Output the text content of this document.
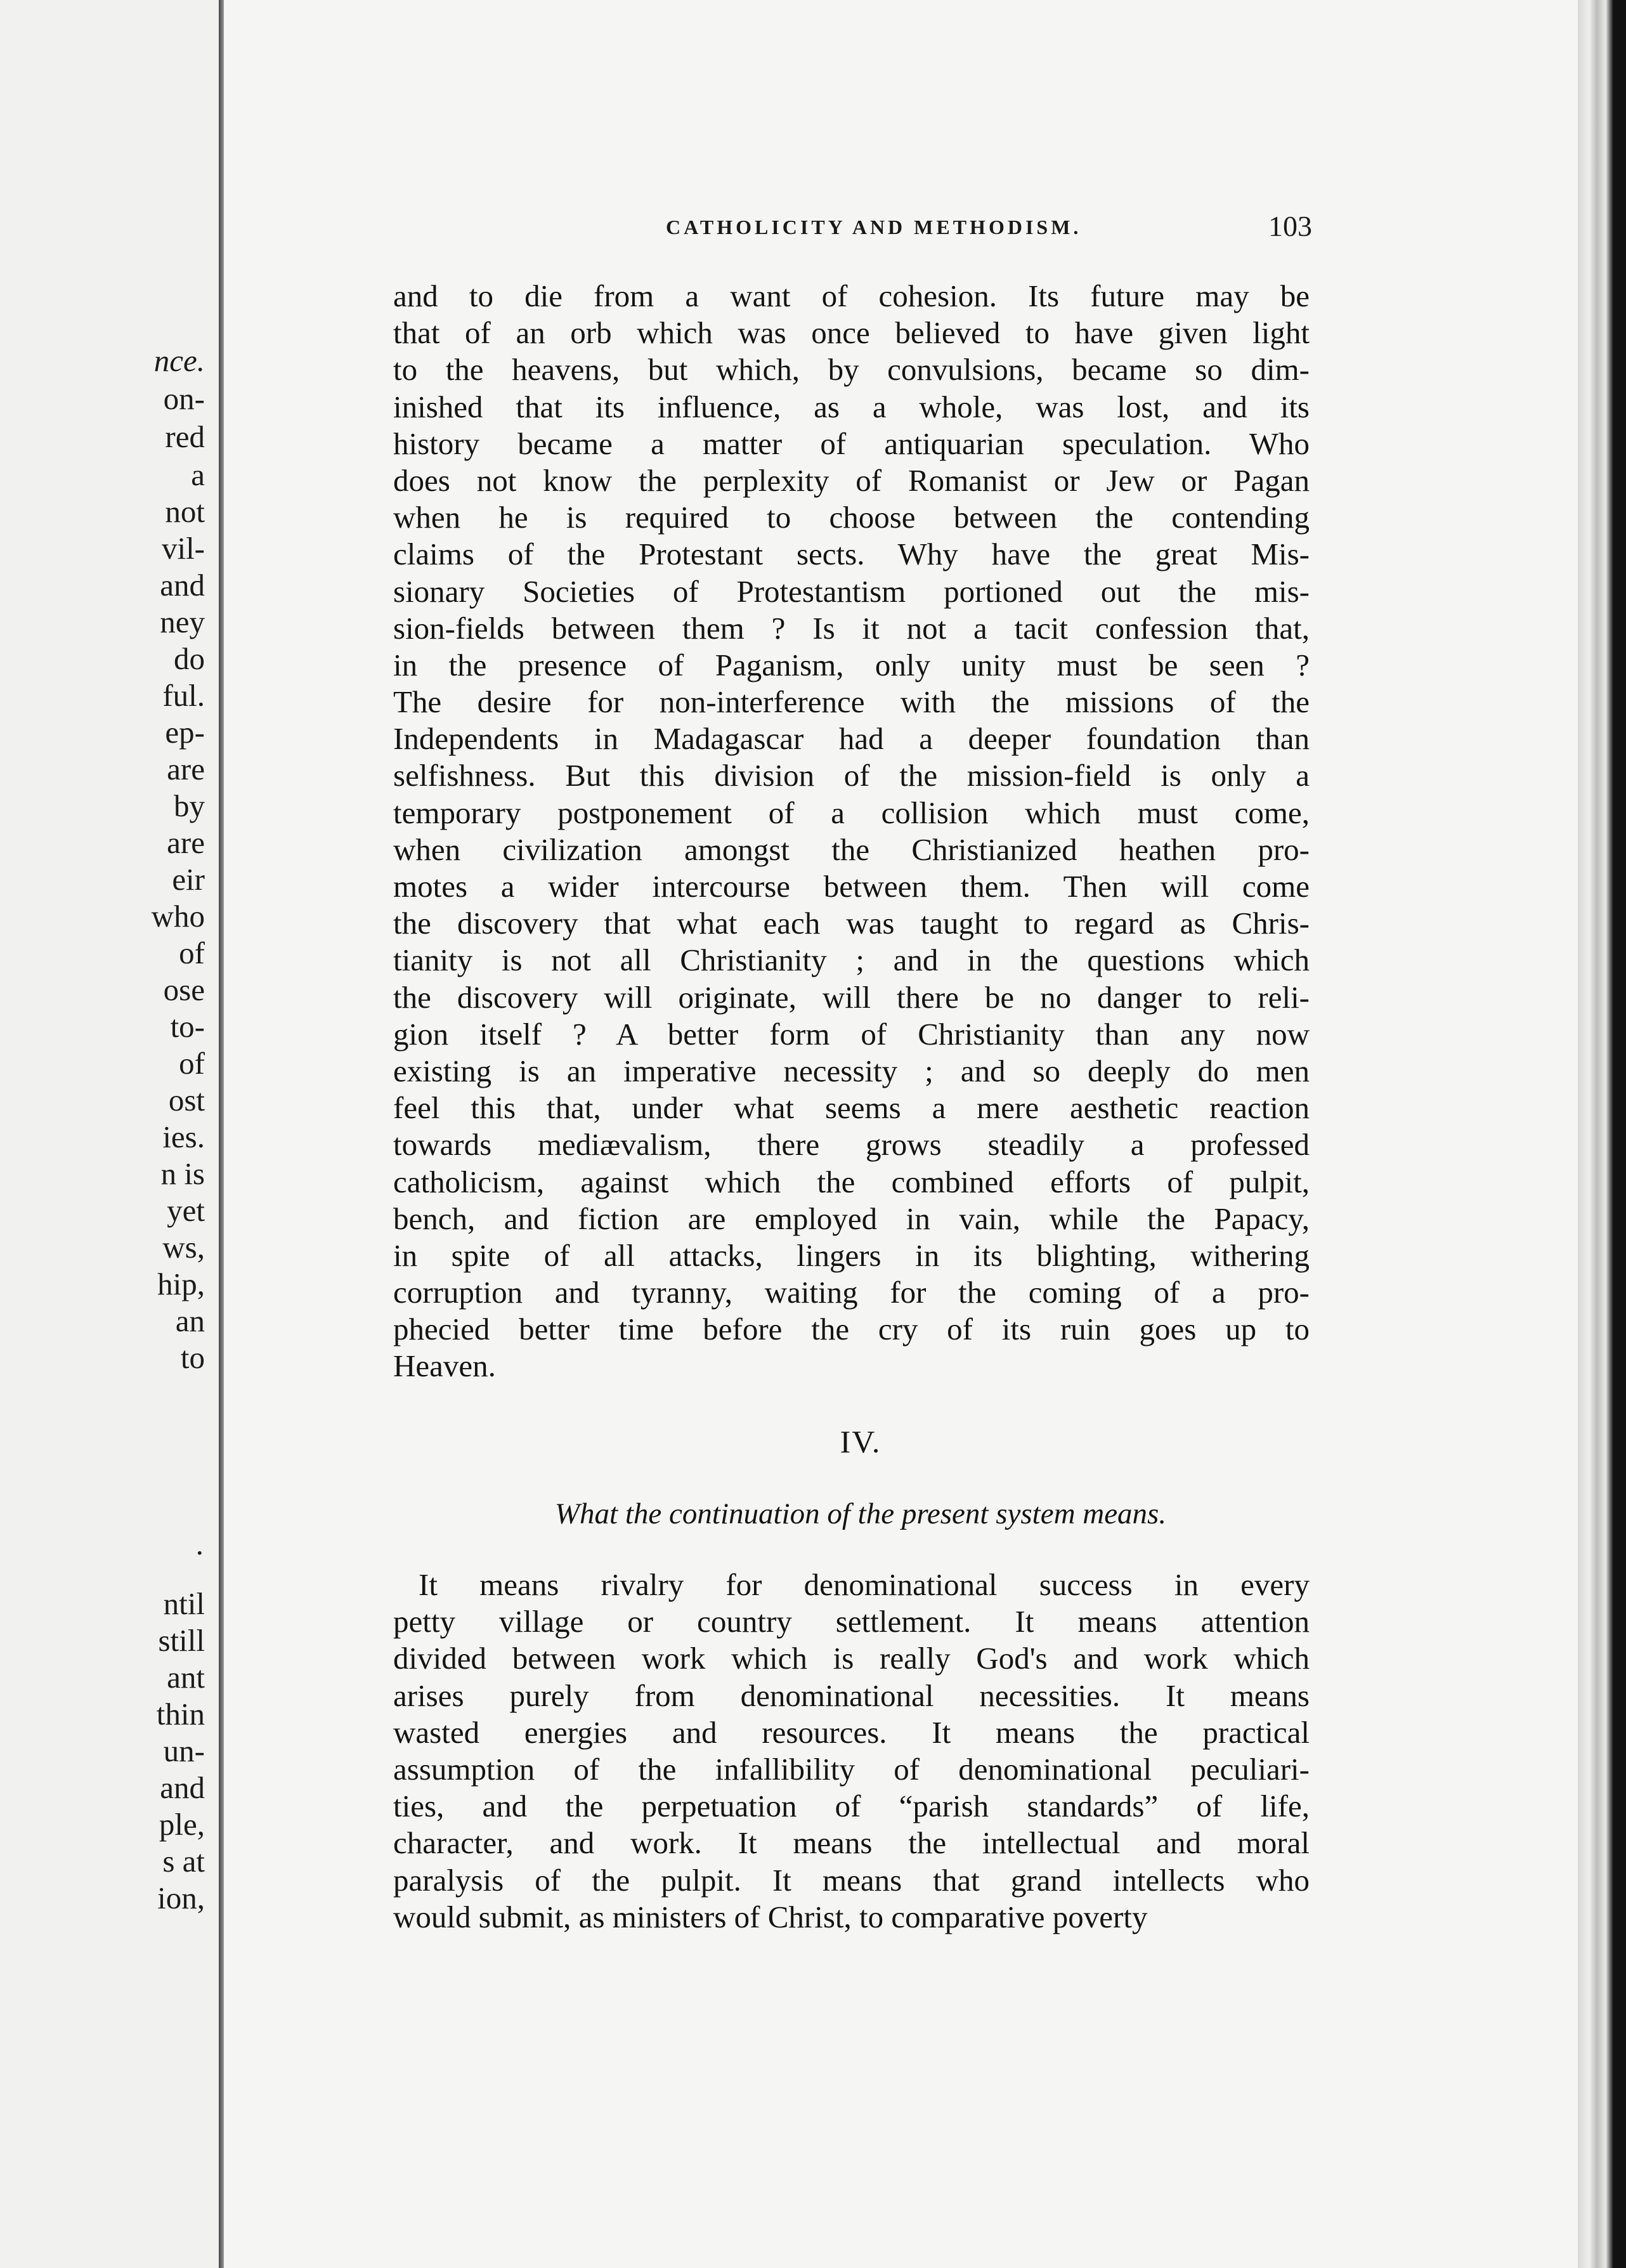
nce.
on-
red
a
not
vil-
and
ney
do
ful.
ep-
are
by
are
eir
who
of
ose
to-
of
ost
ies.
n is
yet
ws,
hip,
an
to
·
ntil
still
ant
thin
un-
and
ple,
s at
ion,
CATHOLICITY AND METHODISM.	103
and to die from a want of cohesion. Its future may be
that of an orb which was once believed to have given light
to the heavens, but which, by convulsions, became so dim-
inished that its influence, as a whole, was lost, and its
history became a matter of antiquarian speculation. Who
does not know the perplexity of Romanist or Jew or Pagan
when he is required to choose between the contending
claims of the Protestant sects. Why have the great Mis-
sionary Societies of Protestantism portioned out the mis-
sion-fields between them ? Is it not a tacit confession that,
in the presence of Paganism, only unity must be seen ?
The desire for non-interference with the missions of the
Independents in Madagascar had a deeper foundation than
selfishness. But this division of the mission-field is only a
temporary postponement of a collision which must come,
when civilization amongst the Christianized heathen pro-
motes a wider intercourse between them. Then will come
the discovery that what each was taught to regard as Chris-
tianity is not all Christianity ; and in the questions which
the discovery will originate, will there be no danger to reli-
gion itself ? A better form of Christianity than any now
existing is an imperative necessity ; and so deeply do men
feel this that, under what seems a mere aesthetic reaction
towards mediævalism, there grows steadily a professed
catholicism, against which the combined efforts of pulpit,
bench, and fiction are employed in vain, while the Papacy,
in spite of all attacks, lingers in its blighting, withering
corruption and tyranny, waiting for the coming of a pro-
phecied better time before the cry of its ruin goes up to
Heaven.
IV.
What the continuation of the present system means.
It means rivalry for denominational success in every
petty village or country settlement. It means attention
divided between work which is really God's and work which
arises purely from denominational necessities. It means
wasted energies and resources. It means the practical
assumption of the infallibility of denominational peculiari-
ties, and the perpetuation of “parish standards” of life,
character, and work. It means the intellectual and moral
paralysis of the pulpit. It means that grand intellects who
would submit, as ministers of Christ, to comparative poverty
